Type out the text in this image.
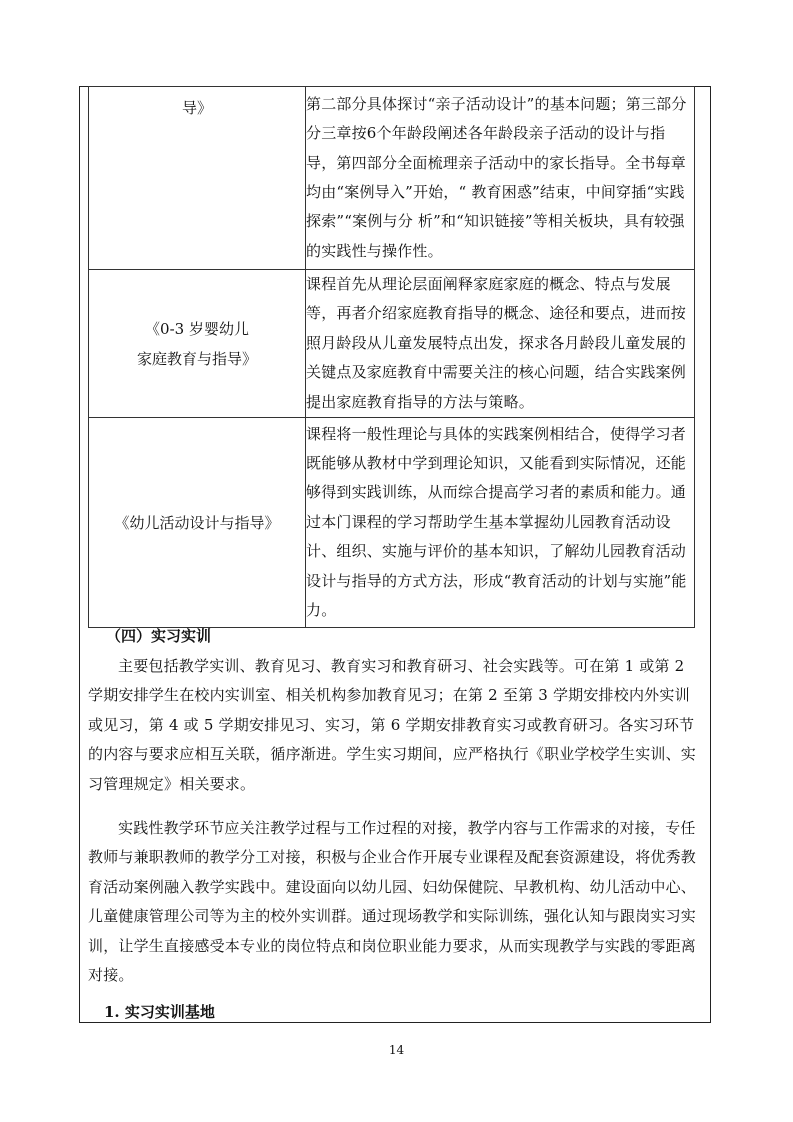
导》	第二部分具体探讨“亲子活动设计”的基本问题；第三部分分三章按6个年龄段阐述各年龄段亲子活动的设计与指导，第四部分全面梳理亲子活动中的家长指导。全书每章均由“案例导入”开始，“ 教育困惑”结束，中间穿插“实践探索”“案例与分 析”和“知识链接”等相关板块，具有较强的实践性与操作性。

《0-3 岁婴幼儿
家庭教育与指导》	课程首先从理论层面阐释家庭家庭的概念、特点与发展等，再者介绍家庭教育指导的概念、途径和要点，进而按照月龄段从儿童发展特点出发，探求各月龄段儿童发展的关键点及家庭教育中需要关注的核心问题，结合实践案例提出家庭教育指导的方法与策略。

《幼儿活动设计与指导》	课程将一般性理论与具体的实践案例相结合，使得学习者既能够从教材中学到理论知识，又能看到实际情况，还能够得到实践训练，从而综合提高学习者的素质和能力。通过本门课程的学习帮助学生基本掌握幼儿园教育活动设计、组织、实施与评价的基本知识，了解幼儿园教育活动设计与指导的方式方法，形成“教育活动的计划与实施”能力。
（四）实习实训
主要包括教学实训、教育见习、教育实习和教育研习、社会实践等。可在第 1 或第 2 学期安排学生在校内实训室、相关机构参加教育见习；在第 2 至第 3 学期安排校内外实训或见习，第 4 或 5 学期安排见习、实习，第 6 学期安排教育实习或教育研习。各实习环节的内容与要求应相互关联，循序渐进。学生实习期间，应严格执行《职业学校学生实训、实习管理规定》相关要求。
实践性教学环节应关注教学过程与工作过程的对接，教学内容与工作需求的对接，专任教师与兼职教师的教学分工对接，积极与企业合作开展专业课程及配套资源建设，将优秀教育活动案例融入教学实践中。建设面向以幼儿园、妇幼保健院、早教机构、幼儿活动中心、儿童健康管理公司等为主的校外实训群。通过现场教学和实际训练，强化认知与跟岗实习实训，让学生直接感受本专业的岗位特点和岗位职业能力要求，从而实现教学与实践的零距离对接。
1. 实习实训基地
14
